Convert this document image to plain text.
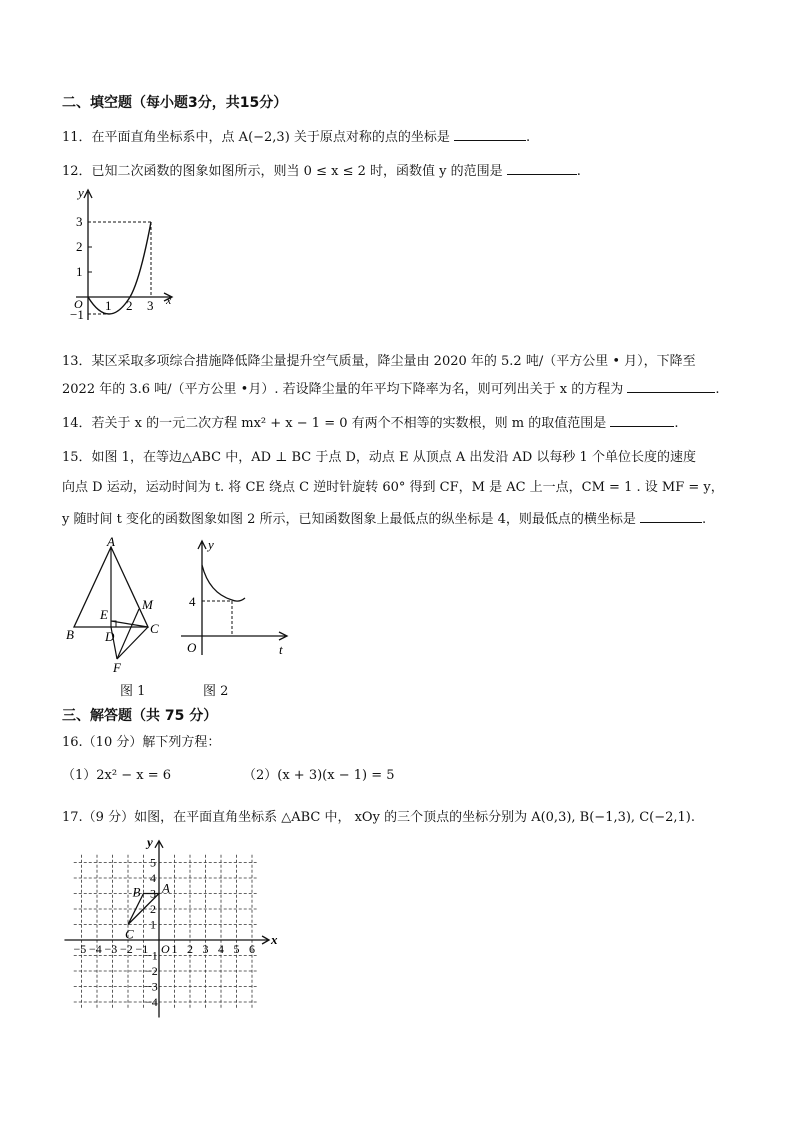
二、填空题（每小题3分，共15分）
11．在平面直角坐标系中，点 A(−2,3) 关于原点对称的点的坐标是	.
12．已知二次函数的图象如图所示，则当 0 ≤ x ≤ 2 时，函数值 y 的范围是	.
y
x
O
3
2
1
−1
1 2 3
13．某区采取多项综合措施降低降尘量提升空气质量，降尘量由 2020 年的 5.2 吨/（平方公里 • 月），下降至
2022 年的 3.6 吨/（平方公里 •月）. 若设降尘量的年平均下降率为名，则可列出关于 x 的方程为	.
14．若关于 x 的一元二次方程 mx² + x − 1 = 0 有两个不相等的实数根，则 m 的取值范围是	.
15．如图 1，在等边△ABC 中，AD ⊥ BC 于点 D，动点 E 从顶点 A 出发沿 AD 以每秒 1 个单位长度的速度
向点 D 运动，运动时间为 t. 将 CE 绕点 C 逆时针旋转 60° 得到 CF，M 是 AC 上一点，CM = 1 . 设 MF = y，
y 随时间 t 变化的函数图象如图 2 所示，已知函数图象上最低点的纵坐标是 4，则最低点的横坐标是	.
A
B	C
D
E
F
M
y
t
O
4
图 1	图 2
三、解答题（共 75 分）
16.（10 分）解下列方程：
（1）2x² − x = 6	（2）(x + 3)(x − 1) = 5
17.（9 分）如图，在平面直角坐标系 △ABC 中， xOy 的三个顶点的坐标分别为 A(0,3), B(−1,3), C(−2,1).
y
x
O
−5 −4 −3 −2 −1 1 2 3 4 5 6
5
4
3
2
1
−1
−2
−3
−4
A
B
C
